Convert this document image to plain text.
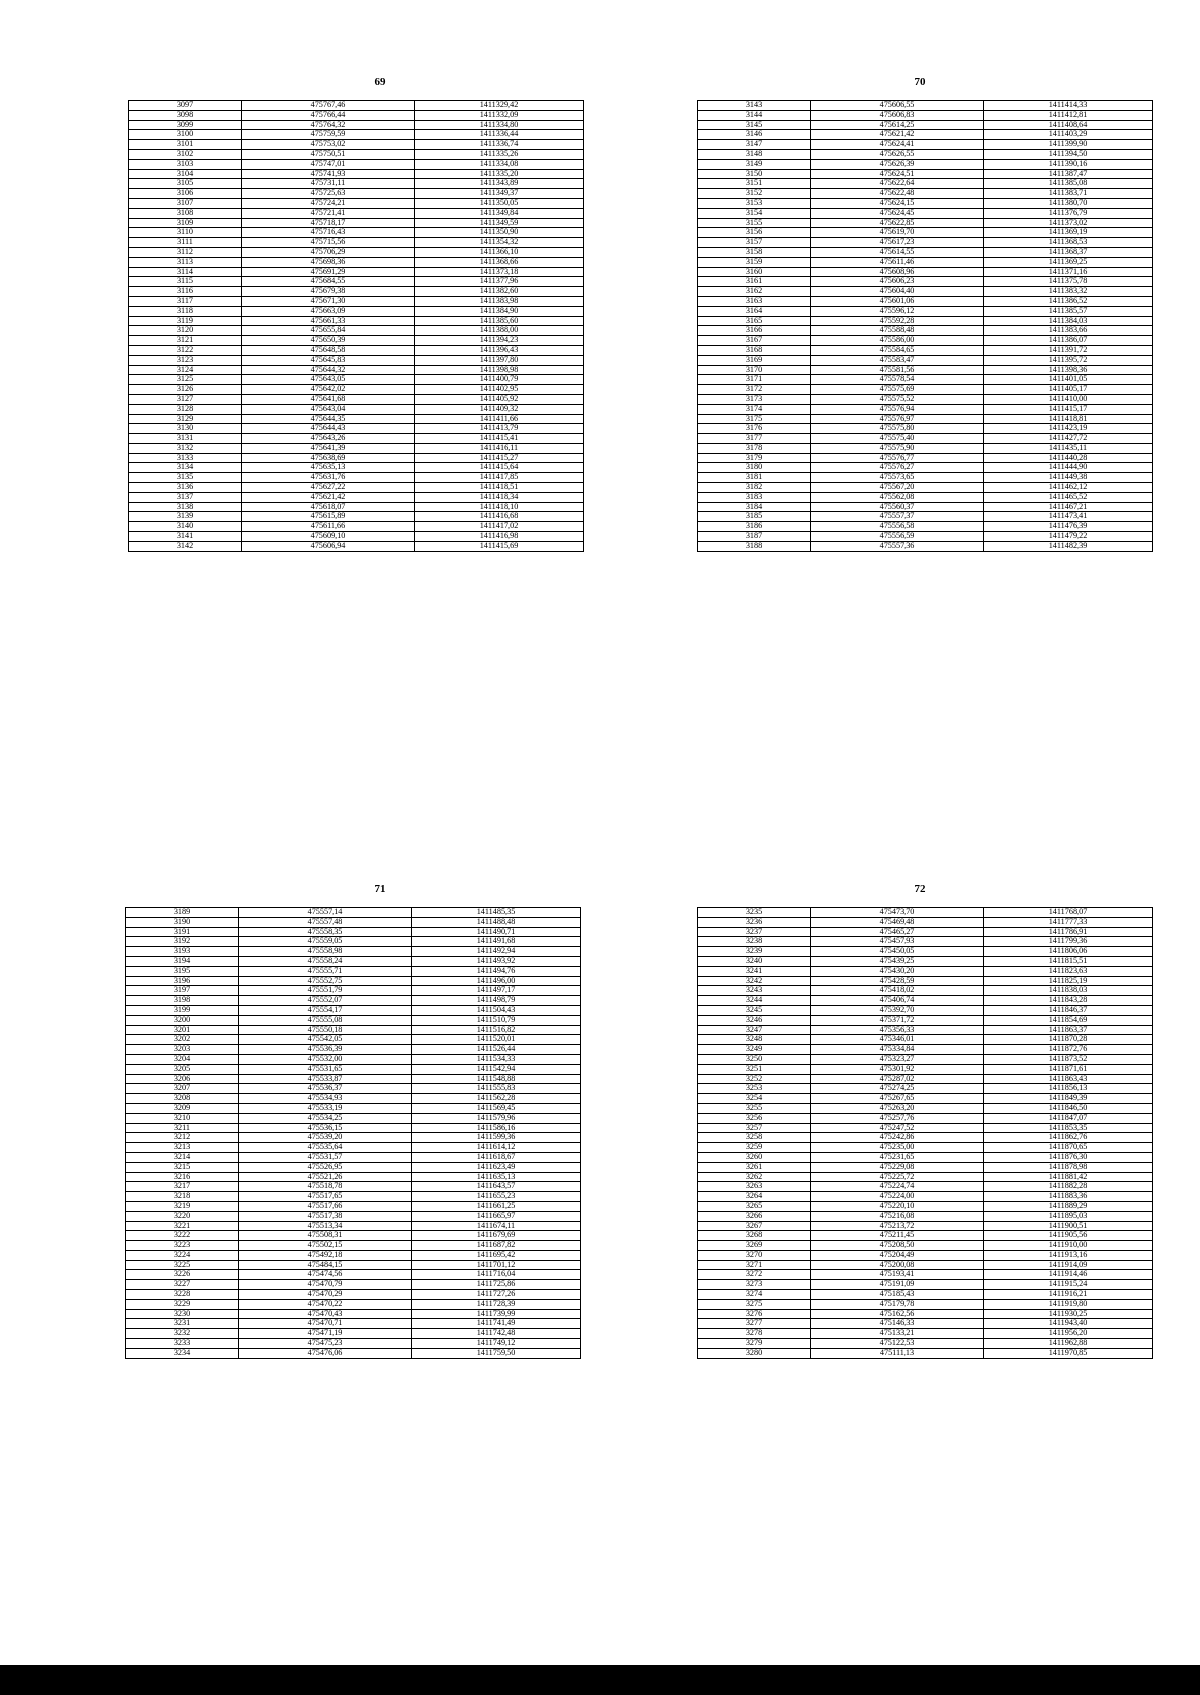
69
3097	475767,46	1411329,42
3098	475766,44	1411332,09
3099	475764,32	1411334,80
3100	475759,59	1411336,44
3101	475753,02	1411336,74
3102	475750,51	1411335,26
3103	475747,01	1411334,08
3104	475741,93	1411335,20
3105	475731,11	1411343,89
3106	475725,63	1411349,37
3107	475724,21	1411350,05
3108	475721,41	1411349,84
3109	475718,17	1411349,59
3110	475716,43	1411350,90
3111	475715,56	1411354,32
3112	475706,29	1411366,10
3113	475698,36	1411368,66
3114	475691,29	1411373,18
3115	475684,55	1411377,96
3116	475679,38	1411382,60
3117	475671,30	1411383,98
3118	475663,09	1411384,90
3119	475661,33	1411385,60
3120	475655,84	1411388,00
3121	475650,39	1411394,23
3122	475648,58	1411396,43
3123	475645,83	1411397,80
3124	475644,32	1411398,98
3125	475643,05	1411400,79
3126	475642,02	1411402,95
3127	475641,68	1411405,92
3128	475643,04	1411409,32
3129	475644,35	1411411,66
3130	475644,43	1411413,79
3131	475643,26	1411415,41
3132	475641,39	1411416,11
3133	475638,69	1411415,27
3134	475635,13	1411415,64
3135	475631,76	1411417,85
3136	475627,22	1411418,51
3137	475621,42	1411418,34
3138	475618,07	1411418,10
3139	475615,89	1411416,68
3140	475611,66	1411417,02
3141	475609,10	1411416,98
3142	475606,94	1411415,69
70
3143	475606,55	1411414,33
3144	475606,83	1411412,81
3145	475614,25	1411408,64
3146	475621,42	1411403,29
3147	475624,41	1411399,90
3148	475626,55	1411394,50
3149	475626,39	1411390,16
3150	475624,51	1411387,47
3151	475622,64	1411385,08
3152	475622,48	1411383,71
3153	475624,15	1411380,70
3154	475624,45	1411376,79
3155	475622,85	1411373,02
3156	475619,70	1411369,19
3157	475617,23	1411368,53
3158	475614,55	1411368,37
3159	475611,46	1411369,25
3160	475608,96	1411371,16
3161	475606,23	1411375,78
3162	475604,40	1411383,32
3163	475601,06	1411386,52
3164	475596,12	1411385,57
3165	475592,28	1411384,03
3166	475588,48	1411383,66
3167	475586,00	1411386,07
3168	475584,65	1411391,72
3169	475583,47	1411395,72
3170	475581,56	1411398,36
3171	475578,54	1411401,05
3172	475575,69	1411405,17
3173	475575,52	1411410,00
3174	475576,94	1411415,17
3175	475576,97	1411418,81
3176	475575,80	1411423,19
3177	475575,40	1411427,72
3178	475575,90	1411435,11
3179	475576,77	1411440,28
3180	475576,27	1411444,90
3181	475573,65	1411449,38
3182	475567,20	1411462,12
3183	475562,08	1411465,52
3184	475560,37	1411467,21
3185	475557,37	1411473,41
3186	475556,58	1411476,39
3187	475556,59	1411479,22
3188	475557,36	1411482,39
71
3189	475557,14	1411485,35
3190	475557,48	1411488,48
3191	475558,35	1411490,71
3192	475559,05	1411491,68
3193	475558,98	1411492,94
3194	475558,24	1411493,92
3195	475555,71	1411494,76
3196	475552,75	1411496,00
3197	475551,79	1411497,17
3198	475552,07	1411498,79
3199	475554,17	1411504,43
3200	475555,08	1411510,79
3201	475550,18	1411516,82
3202	475542,05	1411520,01
3203	475536,39	1411526,44
3204	475532,00	1411534,33
3205	475531,65	1411542,94
3206	475533,87	1411548,88
3207	475536,37	1411555,83
3208	475534,93	1411562,28
3209	475533,19	1411569,45
3210	475534,25	1411579,96
3211	475536,15	1411586,16
3212	475539,20	1411599,36
3213	475535,64	1411614,12
3214	475531,57	1411618,67
3215	475526,95	1411623,49
3216	475521,26	1411635,13
3217	475518,78	1411643,57
3218	475517,65	1411655,23
3219	475517,66	1411661,25
3220	475517,38	1411665,97
3221	475513,34	1411674,11
3222	475508,31	1411679,69
3223	475502,15	1411687,82
3224	475492,18	1411695,42
3225	475484,15	1411701,12
3226	475474,56	1411716,04
3227	475470,79	1411725,86
3228	475470,29	1411727,26
3229	475470,22	1411728,39
3230	475470,43	1411739,99
3231	475470,71	1411741,49
3232	475471,19	1411742,48
3233	475475,23	1411749,12
3234	475476,06	1411759,50
72
3235	475473,70	1411768,07
3236	475469,48	1411777,33
3237	475465,27	1411786,91
3238	475457,93	1411799,36
3239	475450,05	1411806,06
3240	475439,25	1411815,51
3241	475430,20	1411823,63
3242	475428,59	1411825,19
3243	475418,02	1411838,03
3244	475406,74	1411843,28
3245	475392,70	1411846,37
3246	475371,72	1411854,69
3247	475356,33	1411863,37
3248	475346,01	1411870,28
3249	475334,84	1411872,76
3250	475323,27	1411873,52
3251	475301,92	1411871,61
3252	475287,02	1411863,43
3253	475274,25	1411856,13
3254	475267,65	1411849,39
3255	475263,20	1411846,50
3256	475257,76	1411847,07
3257	475247,52	1411853,35
3258	475242,86	1411862,76
3259	475235,00	1411870,65
3260	475231,65	1411876,30
3261	475229,08	1411878,98
3262	475225,72	1411881,42
3263	475224,74	1411882,28
3264	475224,00	1411883,36
3265	475220,10	1411889,29
3266	475216,08	1411895,03
3267	475213,72	1411900,51
3268	475211,45	1411905,56
3269	475208,50	1411910,00
3270	475204,49	1411913,16
3271	475200,08	1411914,09
3272	475193,41	1411914,46
3273	475191,09	1411915,24
3274	475185,43	1411916,21
3275	475179,78	1411919,80
3276	475162,56	1411930,25
3277	475146,33	1411943,40
3278	475133,21	1411956,20
3279	475122,53	1411962,88
3280	475111,13	1411970,85
